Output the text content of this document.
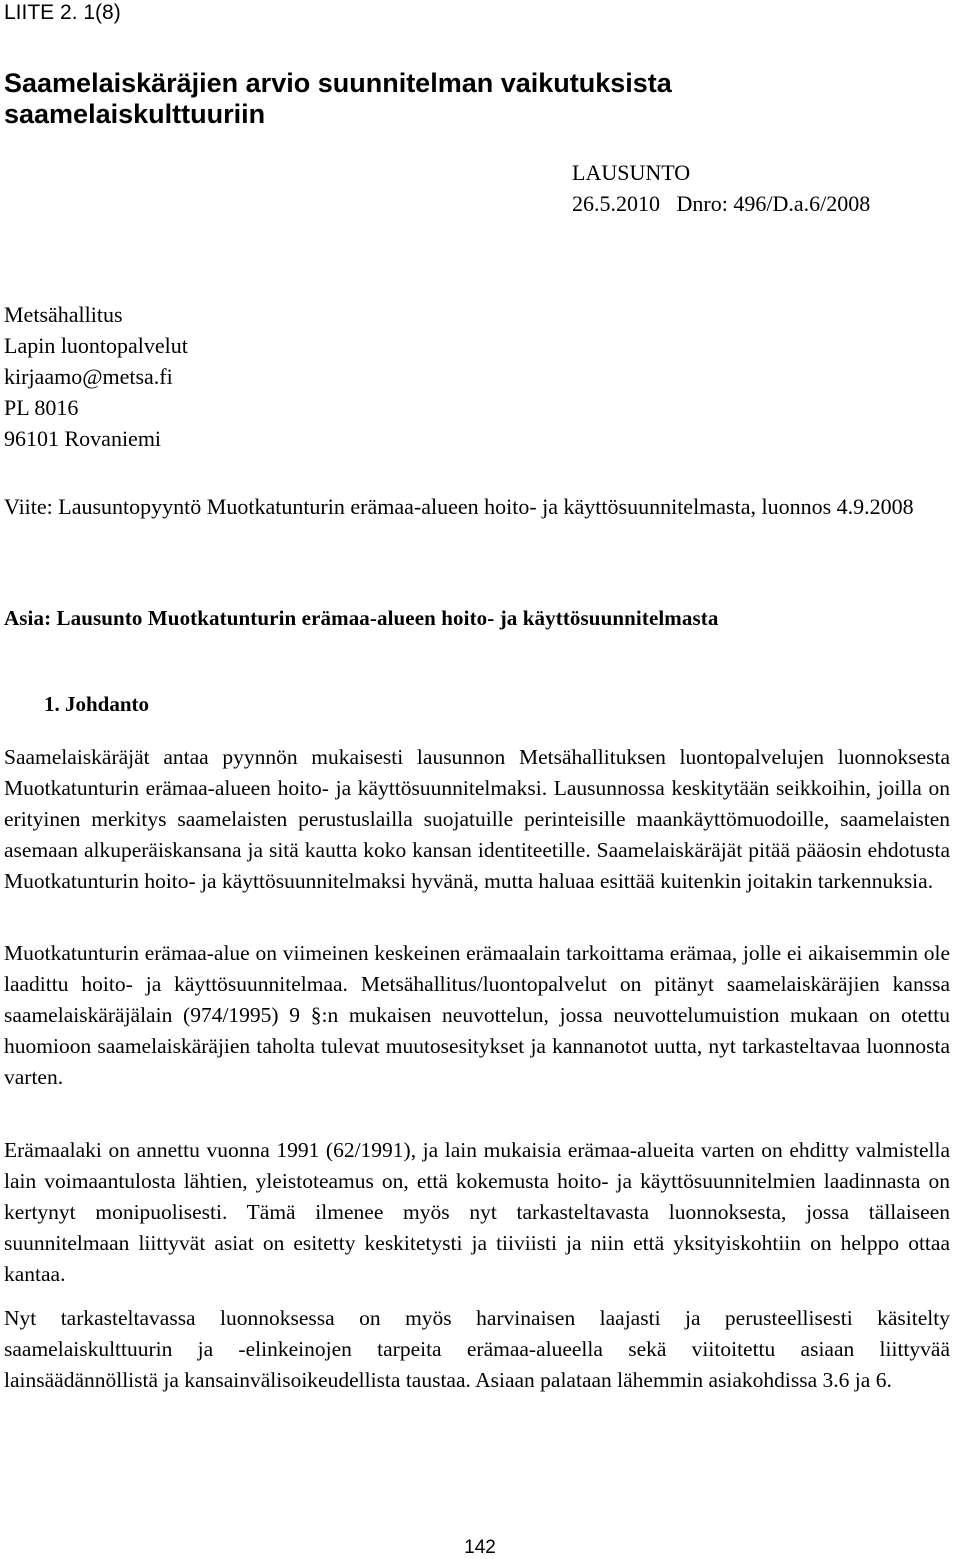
LIITE 2. 1(8)
Saamelaiskäräjien arvio suunnitelman vaikutuksista saamelaiskulttuuriin
LAUSUNTO
26.5.2010   Dnro: 496/D.a.6/2008
Metsähallitus
Lapin luontopalvelut
kirjaamo@metsa.fi
PL 8016
96101 Rovaniemi

Viite: Lausuntopyyntö Muotkatunturin erämaa-alueen hoito- ja käyttösuunnitelmasta, luonnos 4.9.2008

Asia: Lausunto Muotkatunturin erämaa-alueen hoito- ja käyttösuunnitelmasta

1. Johdanto

Saamelaiskäräjät antaa pyynnön mukaisesti lausunnon Metsähallituksen luontopalvelujen luonnoksesta Muotkatunturin erämaa-alueen hoito- ja käyttösuunnitelmaksi. Lausunnossa keskitytään seikkoihin, joilla on erityinen merkitys saamelaisten perustuslailla suojatuille perinteisille maankäyttömuodoille, saamelaisten asemaan alkuperäiskansana ja sitä kautta koko kansan identiteetille. Saamelaiskäräjät pitää pääosin ehdotusta Muotkatunturin hoito- ja käyttösuunnitelmaksi hyvänä, mutta haluaa esittää kuitenkin joitakin tarkennuksia.

Muotkatunturin erämaa-alue on viimeinen keskeinen erämaalain tarkoittama erämaa, jolle ei aikaisemmin ole laadittu hoito- ja käyttösuunnitelmaa. Metsähallitus/luontopalvelut on pitänyt saamelaiskäräjien kanssa saamelaiskäräjälain (974/1995) 9 §:n mukaisen neuvottelun, jossa neuvottelumuistion mukaan on otettu huomioon saamelaiskäräjien taholta tulevat muutosesitykset ja kannanotot uutta, nyt tarkasteltavaa luonnosta varten.

Erämaalaki on annettu vuonna 1991 (62/1991), ja lain mukaisia erämaa-alueita varten on ehditty valmistella lain voimaantulosta lähtien, yleistoteamus on, että kokemusta hoito- ja käyttösuunnitelmien laadinnasta on kertynyt monipuolisesti. Tämä ilmenee myös nyt tarkasteltavasta luonnoksesta, jossa tällaiseen suunnitelmaan liittyvät asiat on esitetty keskitetysti ja tiiviisti ja niin että yksityiskohtiin on helppo ottaa kantaa.

Nyt tarkasteltavassa luonnoksessa on myös harvinaisen laajasti ja perusteellisesti käsitelty saamelaiskulttuurin ja -elinkeinojen tarpeita erämaa-alueella sekä viitoitettu asiaan liittyvää lainsäädännöllistä ja kansainvälisoikeudellista taustaa. Asiaan palataan lähemmin asiakohdissa 3.6 ja 6.

142
